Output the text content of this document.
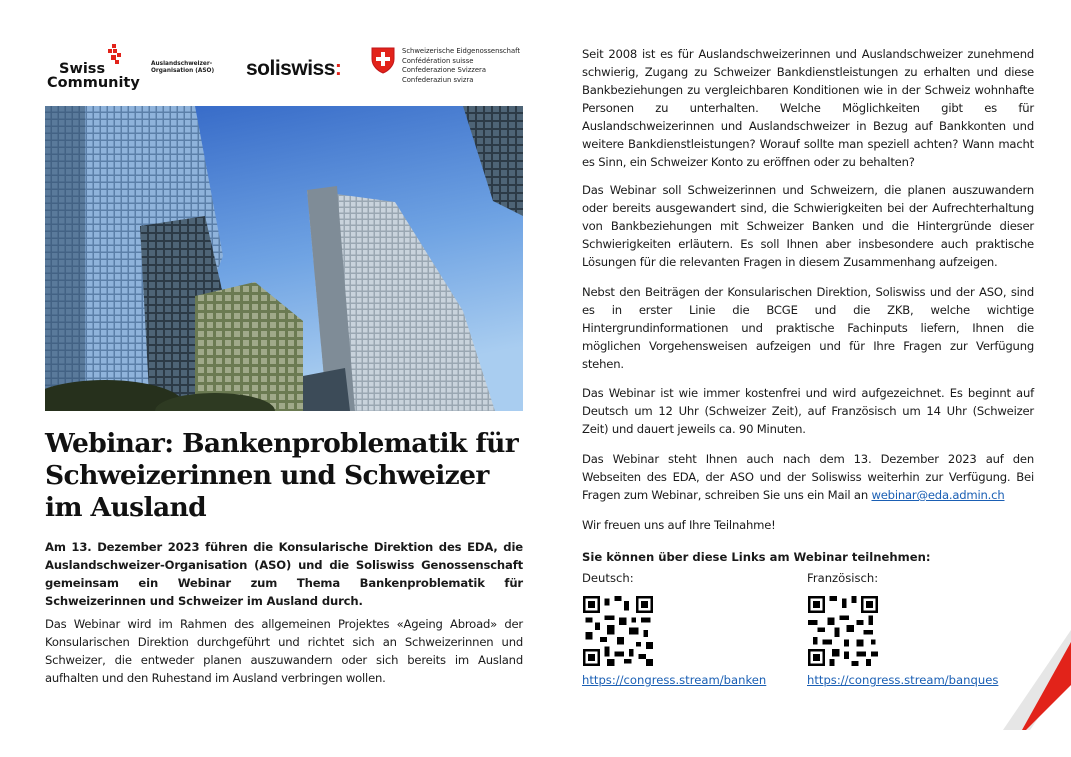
Swiss
Community
Auslandschweizer-
Organisation (ASO)	soliswiss:
Schweizerische Eidgenossenschaft
Confédération suisse
Confederazione Svizzera
Confederaziun svizra
Webinar: Bankenproblematik für Schweizerinnen und Schweizer im Ausland

Am 13. Dezember 2023 führen die Konsularische Direktion des EDA, die Auslandschweizer-Organisation (ASO) und die Soliswiss Genossenschaft gemeinsam ein Webinar zum Thema Bankenproblematik für Schweizerinnen und Schweizer im Ausland durch.

Das Webinar wird im Rahmen des allgemeinen Projektes «Ageing Abroad» der Konsularischen Direktion durchgeführt und richtet sich an Schweizerinnen und Schweizer, die entweder planen auszuwandern oder sich bereits im Ausland aufhalten und den Ruhestand im Ausland verbringen wollen.

Seit 2008 ist es für Auslandschweizerinnen und Auslandschweizer zunehmend schwierig, Zugang zu Schweizer Bankdienstleistungen zu erhalten und diese Bankbeziehungen zu vergleichbaren Konditionen wie in der Schweiz wohnhafte Personen zu unterhalten. Welche Möglichkeiten gibt es für Auslandschweizerinnen und Auslandschweizer in Bezug auf Bankkonten und weitere Bankdienstleistungen? Worauf sollte man speziell achten? Wann macht es Sinn, ein Schweizer Konto zu eröffnen oder zu behalten?

Das Webinar soll Schweizerinnen und Schweizern, die planen auszuwandern oder bereits ausgewandert sind, die Schwierigkeiten bei der Aufrechterhaltung von Bankbeziehungen mit Schweizer Banken und die Hintergründe dieser Schwierigkeiten erläutern. Es soll Ihnen aber insbesondere auch praktische Lösungen für die relevanten Fragen in diesem Zusammenhang aufzeigen.

Nebst den Beiträgen der Konsularischen Direktion, Soliswiss und der ASO, sind es in erster Linie die BCGE und die ZKB, welche wichtige Hintergrundinformationen und praktische Fachinputs liefern, Ihnen die möglichen Vorgehensweisen aufzeigen und für Ihre Fragen zur Verfügung stehen.

Das Webinar ist wie immer kostenfrei und wird aufgezeichnet. Es beginnt auf Deutsch um 12 Uhr (Schweizer Zeit), auf Französisch um 14 Uhr (Schweizer Zeit) und dauert jeweils ca. 90 Minuten.

Das Webinar steht Ihnen auch nach dem 13. Dezember 2023 auf den Webseiten des EDA, der ASO und der Soliswiss weiterhin zur Verfügung. Bei Fragen zum Webinar, schreiben Sie uns ein Mail an webinar@eda.admin.ch

Wir freuen uns auf Ihre Teilnahme!

Sie können über diese Links am Webinar teilnehmen:

Deutsch:	Französisch:
https://congress.stream/banken	https://congress.stream/banques
